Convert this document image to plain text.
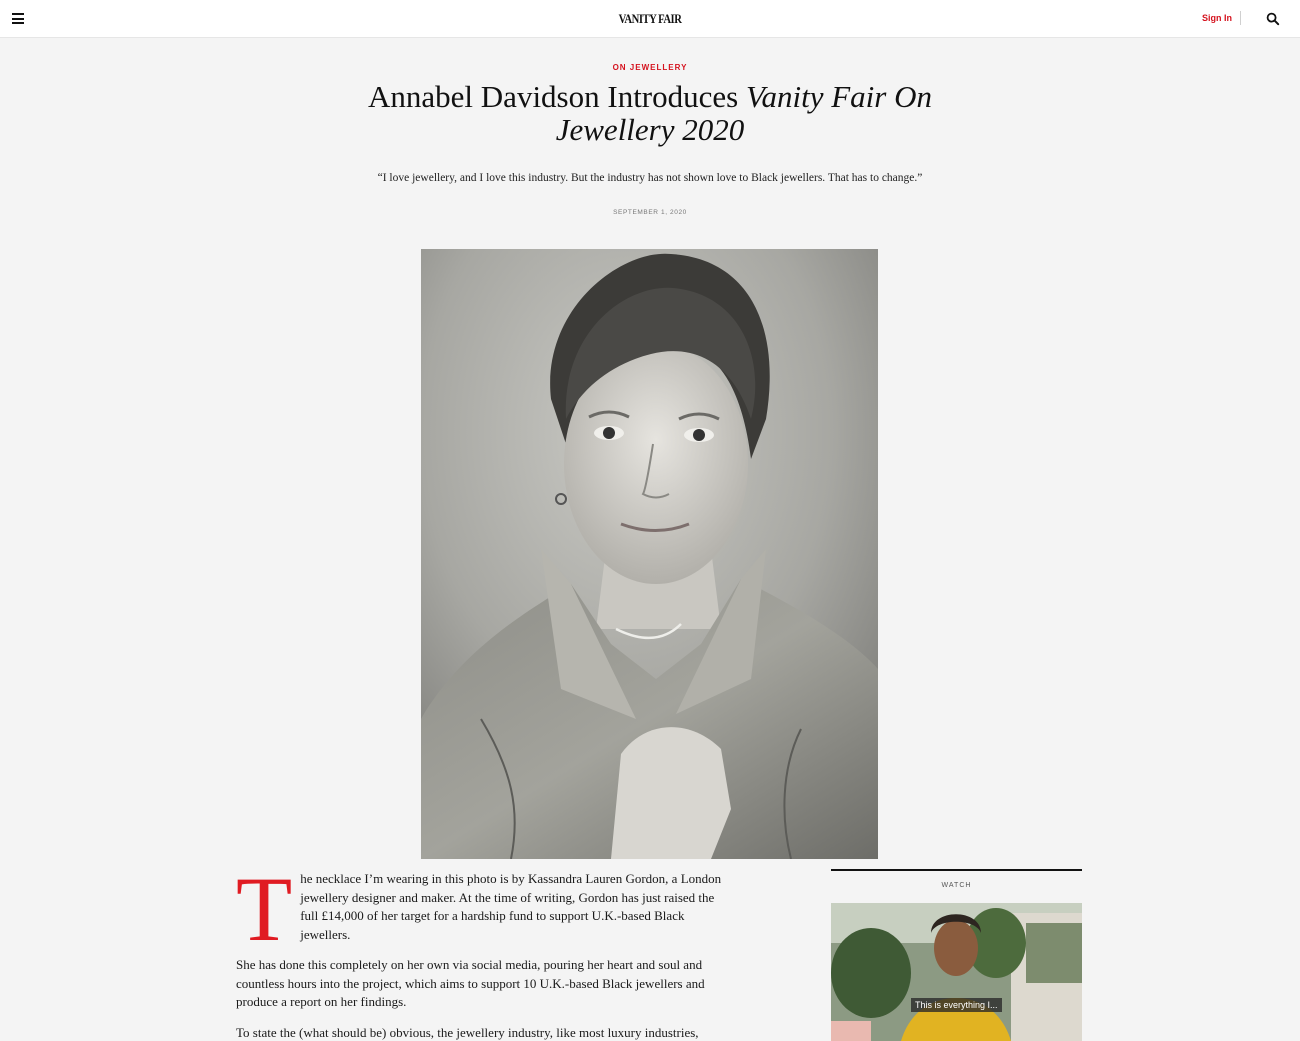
VANITY FAIR	Sign In
ON JEWELLERY
Annabel Davidson Introduces Vanity Fair On Jewellery 2020
“I love jewellery, and I love this industry. But the industry has not shown love to Black jewellers. That has to change.”
SEPTEMBER 1, 2020

T he necklace I’m wearing in this photo is by Kassandra Lauren Gordon, a London jewellery designer and maker. At the time of writing, Gordon has just raised the full £14,000 of her target for a hardship fund to support U.K.-based Black jewellers.

She has done this completely on her own via social media, pouring her heart and soul and countless hours into the project, which aims to support 10 U.K.-based Black jewellers and produce a report on her findings.

To state the (what should be) obvious, the jewellery industry, like most luxury industries,

WATCH
This is everything I...
